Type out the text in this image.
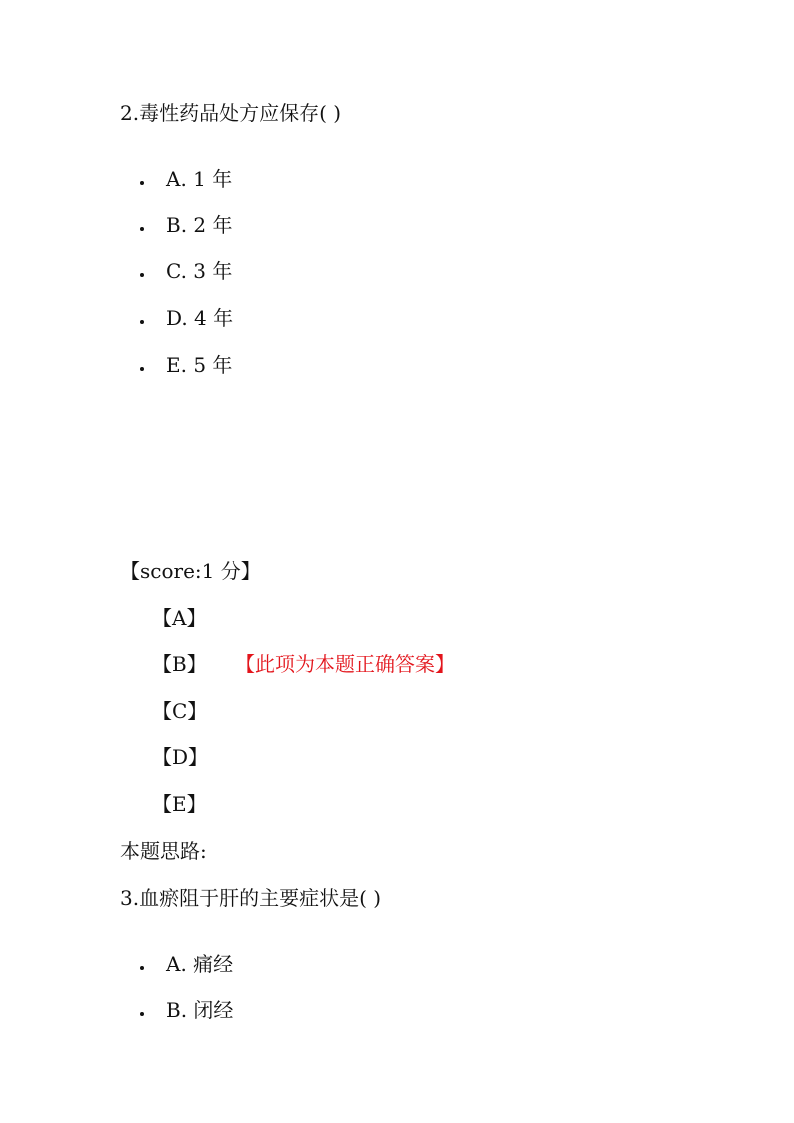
2.毒性药品处方应保存( )
A. 1 年
B. 2 年
C. 3 年
D. 4 年
E. 5 年
【score:1 分】
【A】
【B】 【此项为本题正确答案】
【C】
【D】
【E】
本题思路:
3.血瘀阻于肝的主要症状是( )
A. 痛经
B. 闭经
